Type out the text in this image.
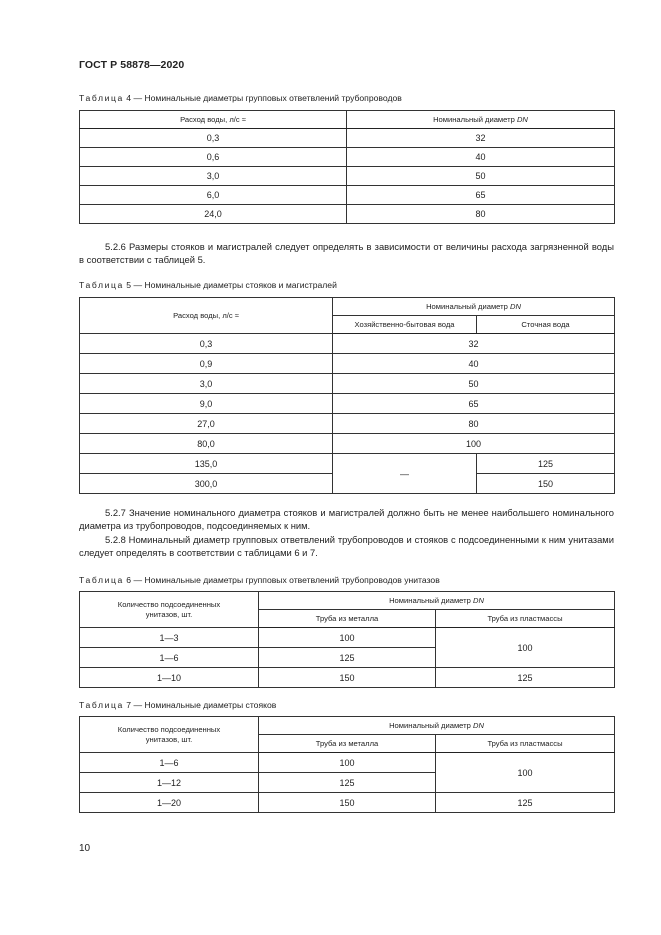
ГОСТ Р 58878—2020
Таблица 4 — Номинальные диаметры групповых ответвлений трубопроводов
Расход воды, л/с ≈	Номинальный диаметр DN
0,3	32
0,6	40
3,0	50
6,0	65
24,0	80
5.2.6 Размеры стояков и магистралей следует определять в зависимости от величины расхода загрязненной воды в соответствии с таблицей 5.
Таблица 5 — Номинальные диаметры стояков и магистралей
Расход воды, л/с ≈	Номинальный диаметр DN	
	Хозяйственно-бытовая вода	Сточная вода
0,3	32	
0,9	40	
3,0	50	
9,0	65	
27,0	80	
80,0	100	
135,0	—	125
300,0		150
5.2.7 Значение номинального диаметра стояков и магистралей должно быть не менее наибольшего номинального диаметра из трубопроводов, подсоединяемых к ним.
5.2.8 Номинальный диаметр групповых ответвлений трубопроводов и стояков с подсоединенными к ним унитазами следует определять в соответствии с таблицами 6 и 7.
Таблица 6 — Номинальные диаметры групповых ответвлений трубопроводов унитазов
Количество подсоединенных
унитазов, шт.	Номинальный диаметр DN	
	Труба из металла	Труба из пластмассы
1—3	100	100
1—6	125	
1—10	150	125
Таблица 7 — Номинальные диаметры стояков
Количество подсоединенных
унитазов, шт.	Номинальный диаметр DN	
	Труба из металла	Труба из пластмассы
1—6	100	100
1—12	125	
1—20	150	125
10
